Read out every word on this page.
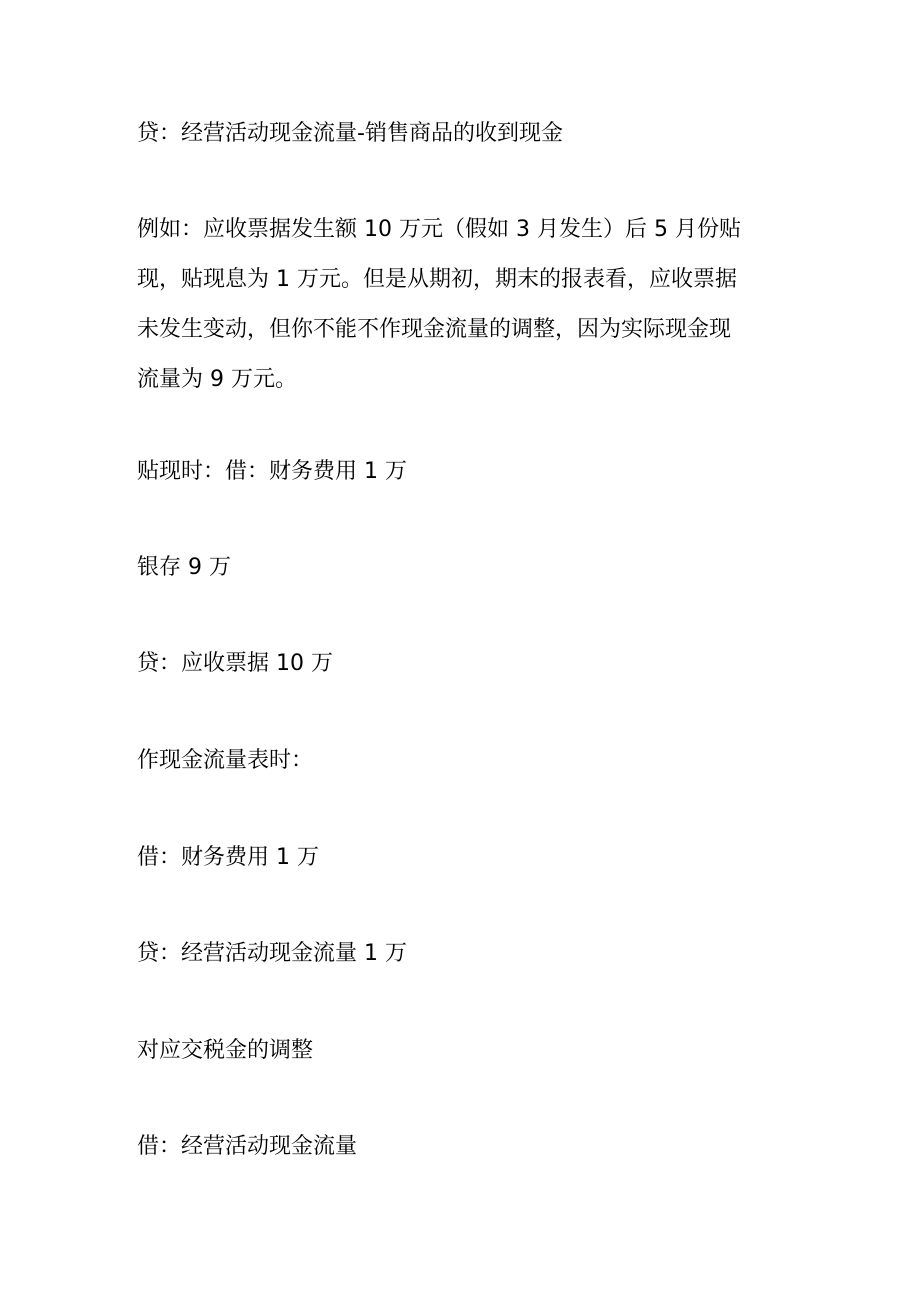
贷：经营活动现金流量-销售商品的收到现金

例如：应收票据发生额 10 万元（假如 3 月发生）后 5 月份贴
现，贴现息为 1 万元。但是从期初，期末的报表看，应收票据
未发生变动，但你不能不作现金流量的调整，因为实际现金现
流量为 9 万元。

贴现时：借：财务费用 1 万

银存 9 万

贷：应收票据 10 万

作现金流量表时：

借：财务费用 1 万

贷：经营活动现金流量 1 万

对应交税金的调整

借：经营活动现金流量
